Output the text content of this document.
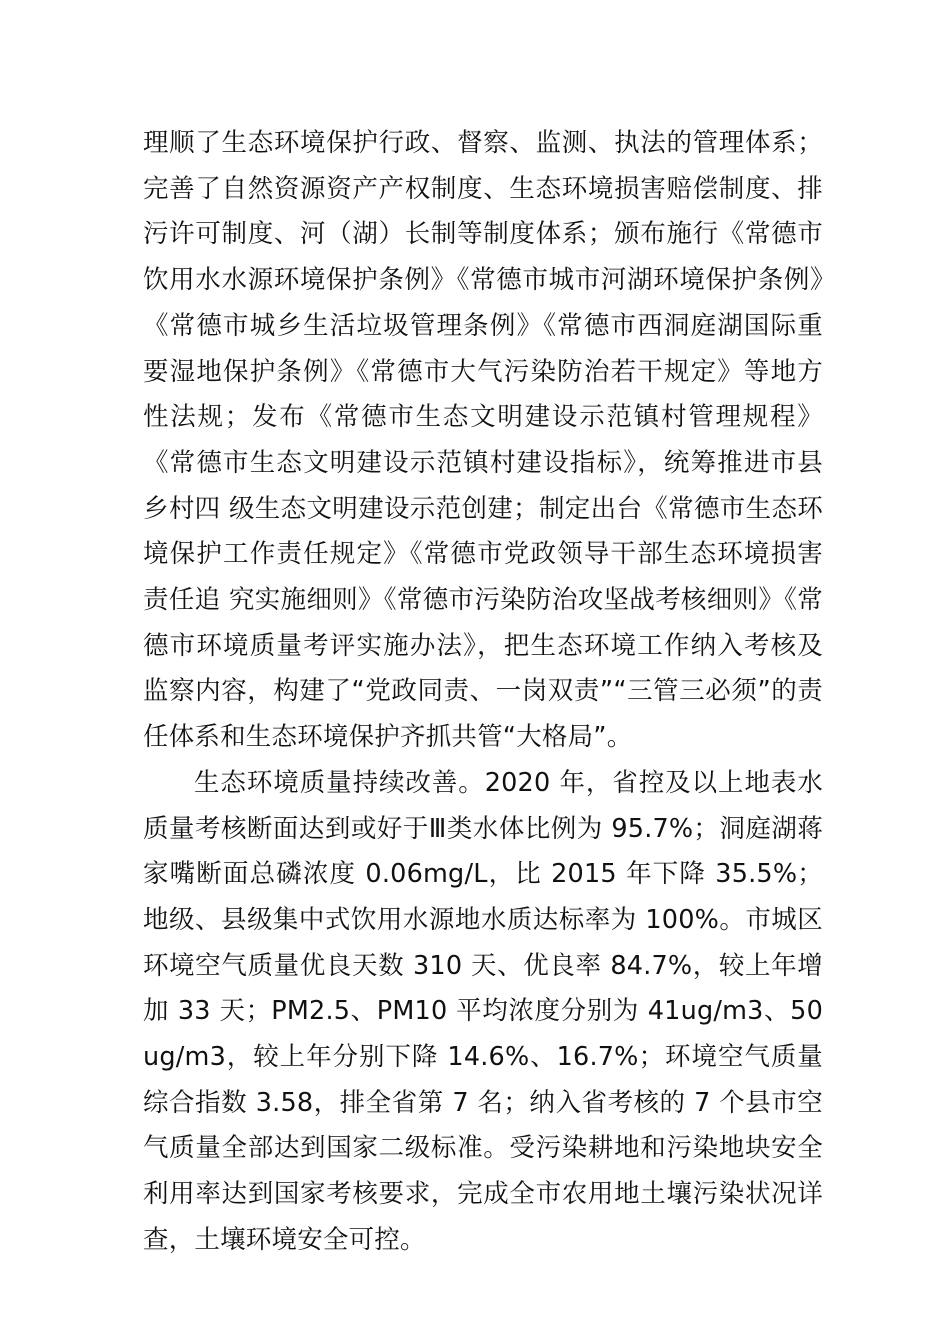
理顺了生态环境保护行政、督察、监测、执法的管理体系；完善了自然资源资产产权制度、生态环境损害赔偿制度、排污许可制度、河（湖）长制等制度体系；颁布施行《常德市饮用水水源环境保护条例》《常德市城市河湖环境保护条例》《常德市城乡生活垃圾管理条例》《常德市西洞庭湖国际重 要湿地保护条例》《常德市大气污染防治若干规定》等地方性法规；发布《常德市生态文明建设示范镇村管理规程》《常德市生态文明建设示范镇村建设指标》，统筹推进市县乡村四 级生态文明建设示范创建；制定出台《常德市生态环境保护工作责任规定》《常德市党政领导干部生态环境损害责任追 究实施细则》《常德市污染防治攻坚战考核细则》《常德市环境质量考评实施办法》，把生态环境工作纳入考核及监察内容，构建了“党政同责、一岗双责”“三管三必须”的责任体系和生态环境保护齐抓共管“大格局”。

生态环境质量持续改善。2020 年，省控及以上地表水质量考核断面达到或好于Ⅲ类水体比例为 95.7%；洞庭湖蒋家嘴断面总磷浓度 0.06mg/L，比 2015 年下降 35.5%；地级、县级集中式饮用水源地水质达标率为 100%。市城区环境空气质量优良天数 310 天、优良率 84.7%，较上年增加 33 天；PM2.5、PM10 平均浓度分别为 41ug/m3、50ug/m3，较上年分别下降 14.6%、16.7%；环境空气质量综合指数 3.58，排全省第 7 名；纳入省考核的 7 个县市空气质量全部达到国家二级标准。受污染耕地和污染地块安全利用率达到国家考核要求，完成全市农用地土壤污染状况详查，土壤环境安全可控。
